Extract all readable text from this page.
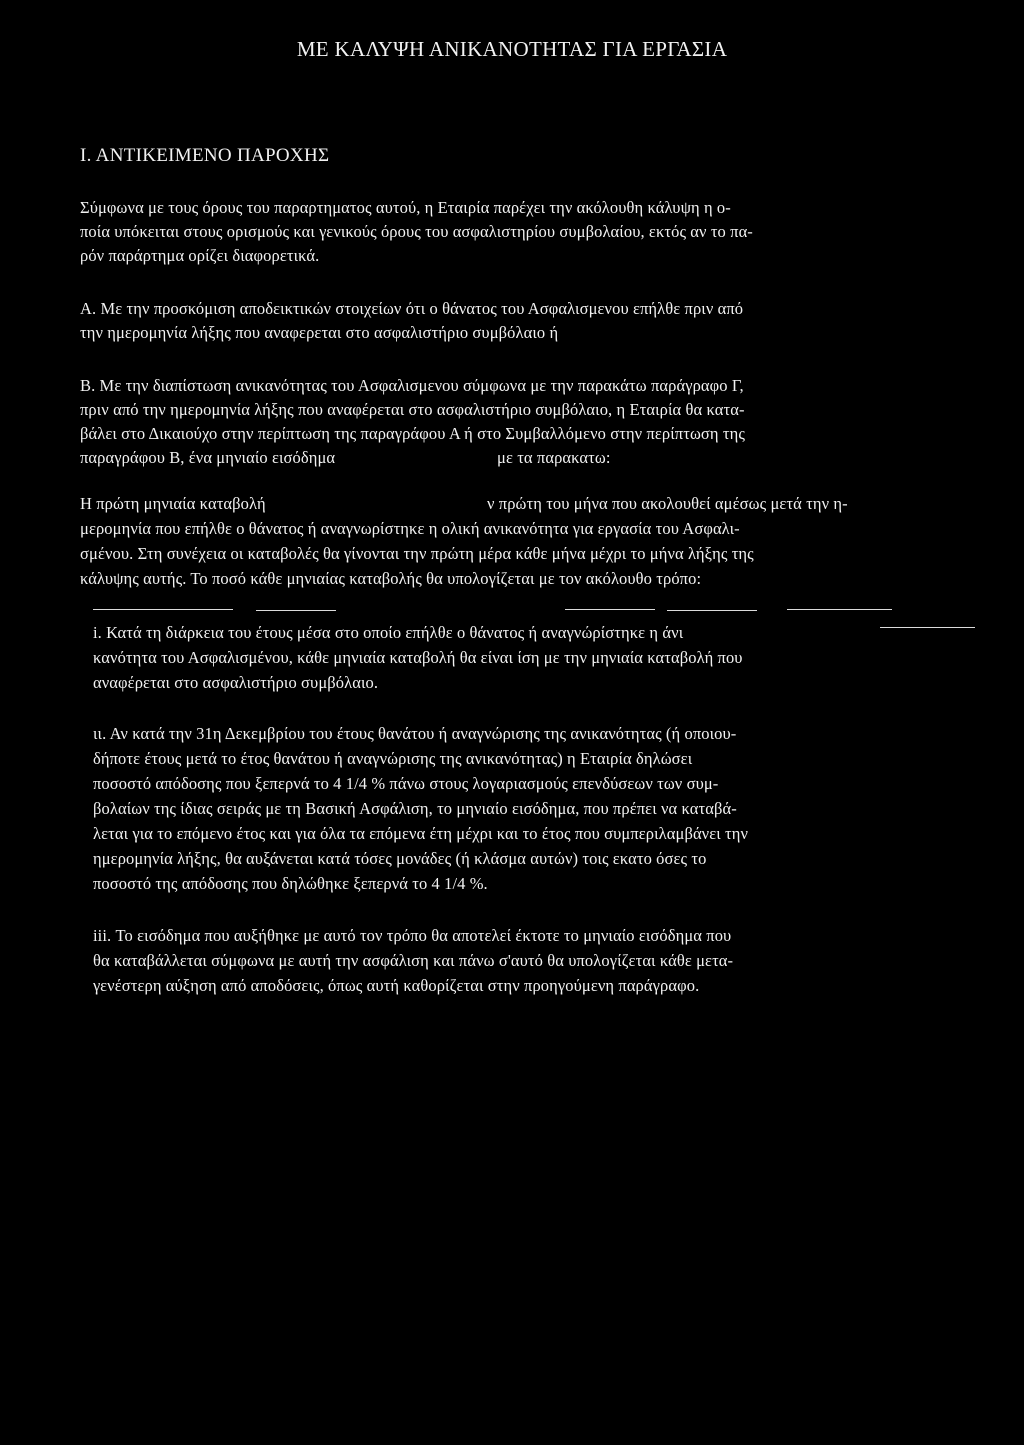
ΜΕ ΚΑΛΥΨΗ ΑΝΙΚΑΝΟΤΗΤΑΣ ΓΙΑ ΕΡΓΑΣΙΑ
Ι. ΑΝΤΙΚΕΙΜΕΝΟ ΠΑΡΟΧΗΣ
Σύμφωνα με τους όρους του παραρτηματος αυτού, η Εταιρία παρέχει την ακόλουθη κάλυψη η ο-
ποία υπόκειται στους ορισμούς και γενικούς όρους του ασφαλιστηρίου συμβολαίου, εκτός αν το πα-
ρόν παράρτημα ορίζει διαφορετικά.
Α. Με την προσκόμιση αποδεικτικών στοιχείων ότι ο θάνατος του Ασφαλισμενου επήλθε πριν από
την ημερομηνία λήξης που αναφερεται στο ασφαλιστήριο συμβόλαιο ή
Β. Με την διαπίστωση ανικανότητας του Ασφαλισμενου σύμφωνα με την παρακάτω παράγραφο Γ,
πριν από την ημερομηνία λήξης που αναφέρεται στο ασφαλιστήριο συμβόλαιο, η Εταιρία θα κατα-
βάλει στο Δικαιούχο στην περίπτωση της παραγράφου Α ή στο Συμβαλλόμενο στην περίπτωση της
παραγράφου Β, ένα μηνιαίο εισόδημα	με τα παρακατω:
Η πρώτη μηνιαία καταβολή	ν πρώτη του μήνα που ακολουθεί αμέσως μετά την η-
μερομηνία που επήλθε ο θάνατος ή αναγνωρίστηκε η ολική ανικανότητα για εργασία του Ασφαλι-
σμένου. Στη συνέχεια οι καταβολές θα γίνονται την πρώτη μέρα κάθε μήνα μέχρι το μήνα λήξης της
κάλυψης αυτής. Το ποσό κάθε μηνιαίας καταβολής θα υπολογίζεται με τον ακόλουθο τρόπο:
i. Κατά τη διάρκεια του έτους μέσα στο οποίο επήλθε ο θάνατος ή αναγνώρίστηκε η άνι
κανότητα του Ασφαλισμένου, κάθε μηνιαία καταβολή θα είναι ίση με την μηνιαία καταβολή που
αναφέρεται στο ασφαλιστήριο συμβόλαιο.
ιι. Αν κατά την 31η Δεκεμβρίου του έτους θανάτου ή αναγνώρισης της ανικανότητας (ή οποιου-
δήποτε έτους μετά το έτος θανάτου ή αναγνώρισης της ανικανότητας) η Εταιρία δηλώσει
ποσοστό απόδοσης που ξεπερνά το 4 1/4 % πάνω στους λογαριασμούς επενδύσεων των συμ-
βολαίων της ίδιας σειράς με τη Βασική Ασφάλιση, το μηνιαίο εισόδημα, που πρέπει να καταβά-
λεται για το επόμενο έτος και για όλα τα επόμενα έτη μέχρι και το έτος που συμπεριλαμβάνει την
ημερομηνία λήξης, θα αυξάνεται κατά τόσες μονάδες (ή κλάσμα αυτών) τοις εκατο όσες το
ποσοστό της απόδοσης που δηλώθηκε ξεπερνά το 4 1/4 %.
iii. Το εισόδημα που αυξήθηκε με αυτό τον τρόπο θα αποτελεί έκτοτε το μηνιαίο εισόδημα που
θα καταβάλλεται σύμφωνα με αυτή την ασφάλιση και πάνω σ'αυτό θα υπολογίζεται κάθε μετα-
γενέστερη αύξηση από αποδόσεις, όπως αυτή καθορίζεται στην προηγούμενη παράγραφο.
